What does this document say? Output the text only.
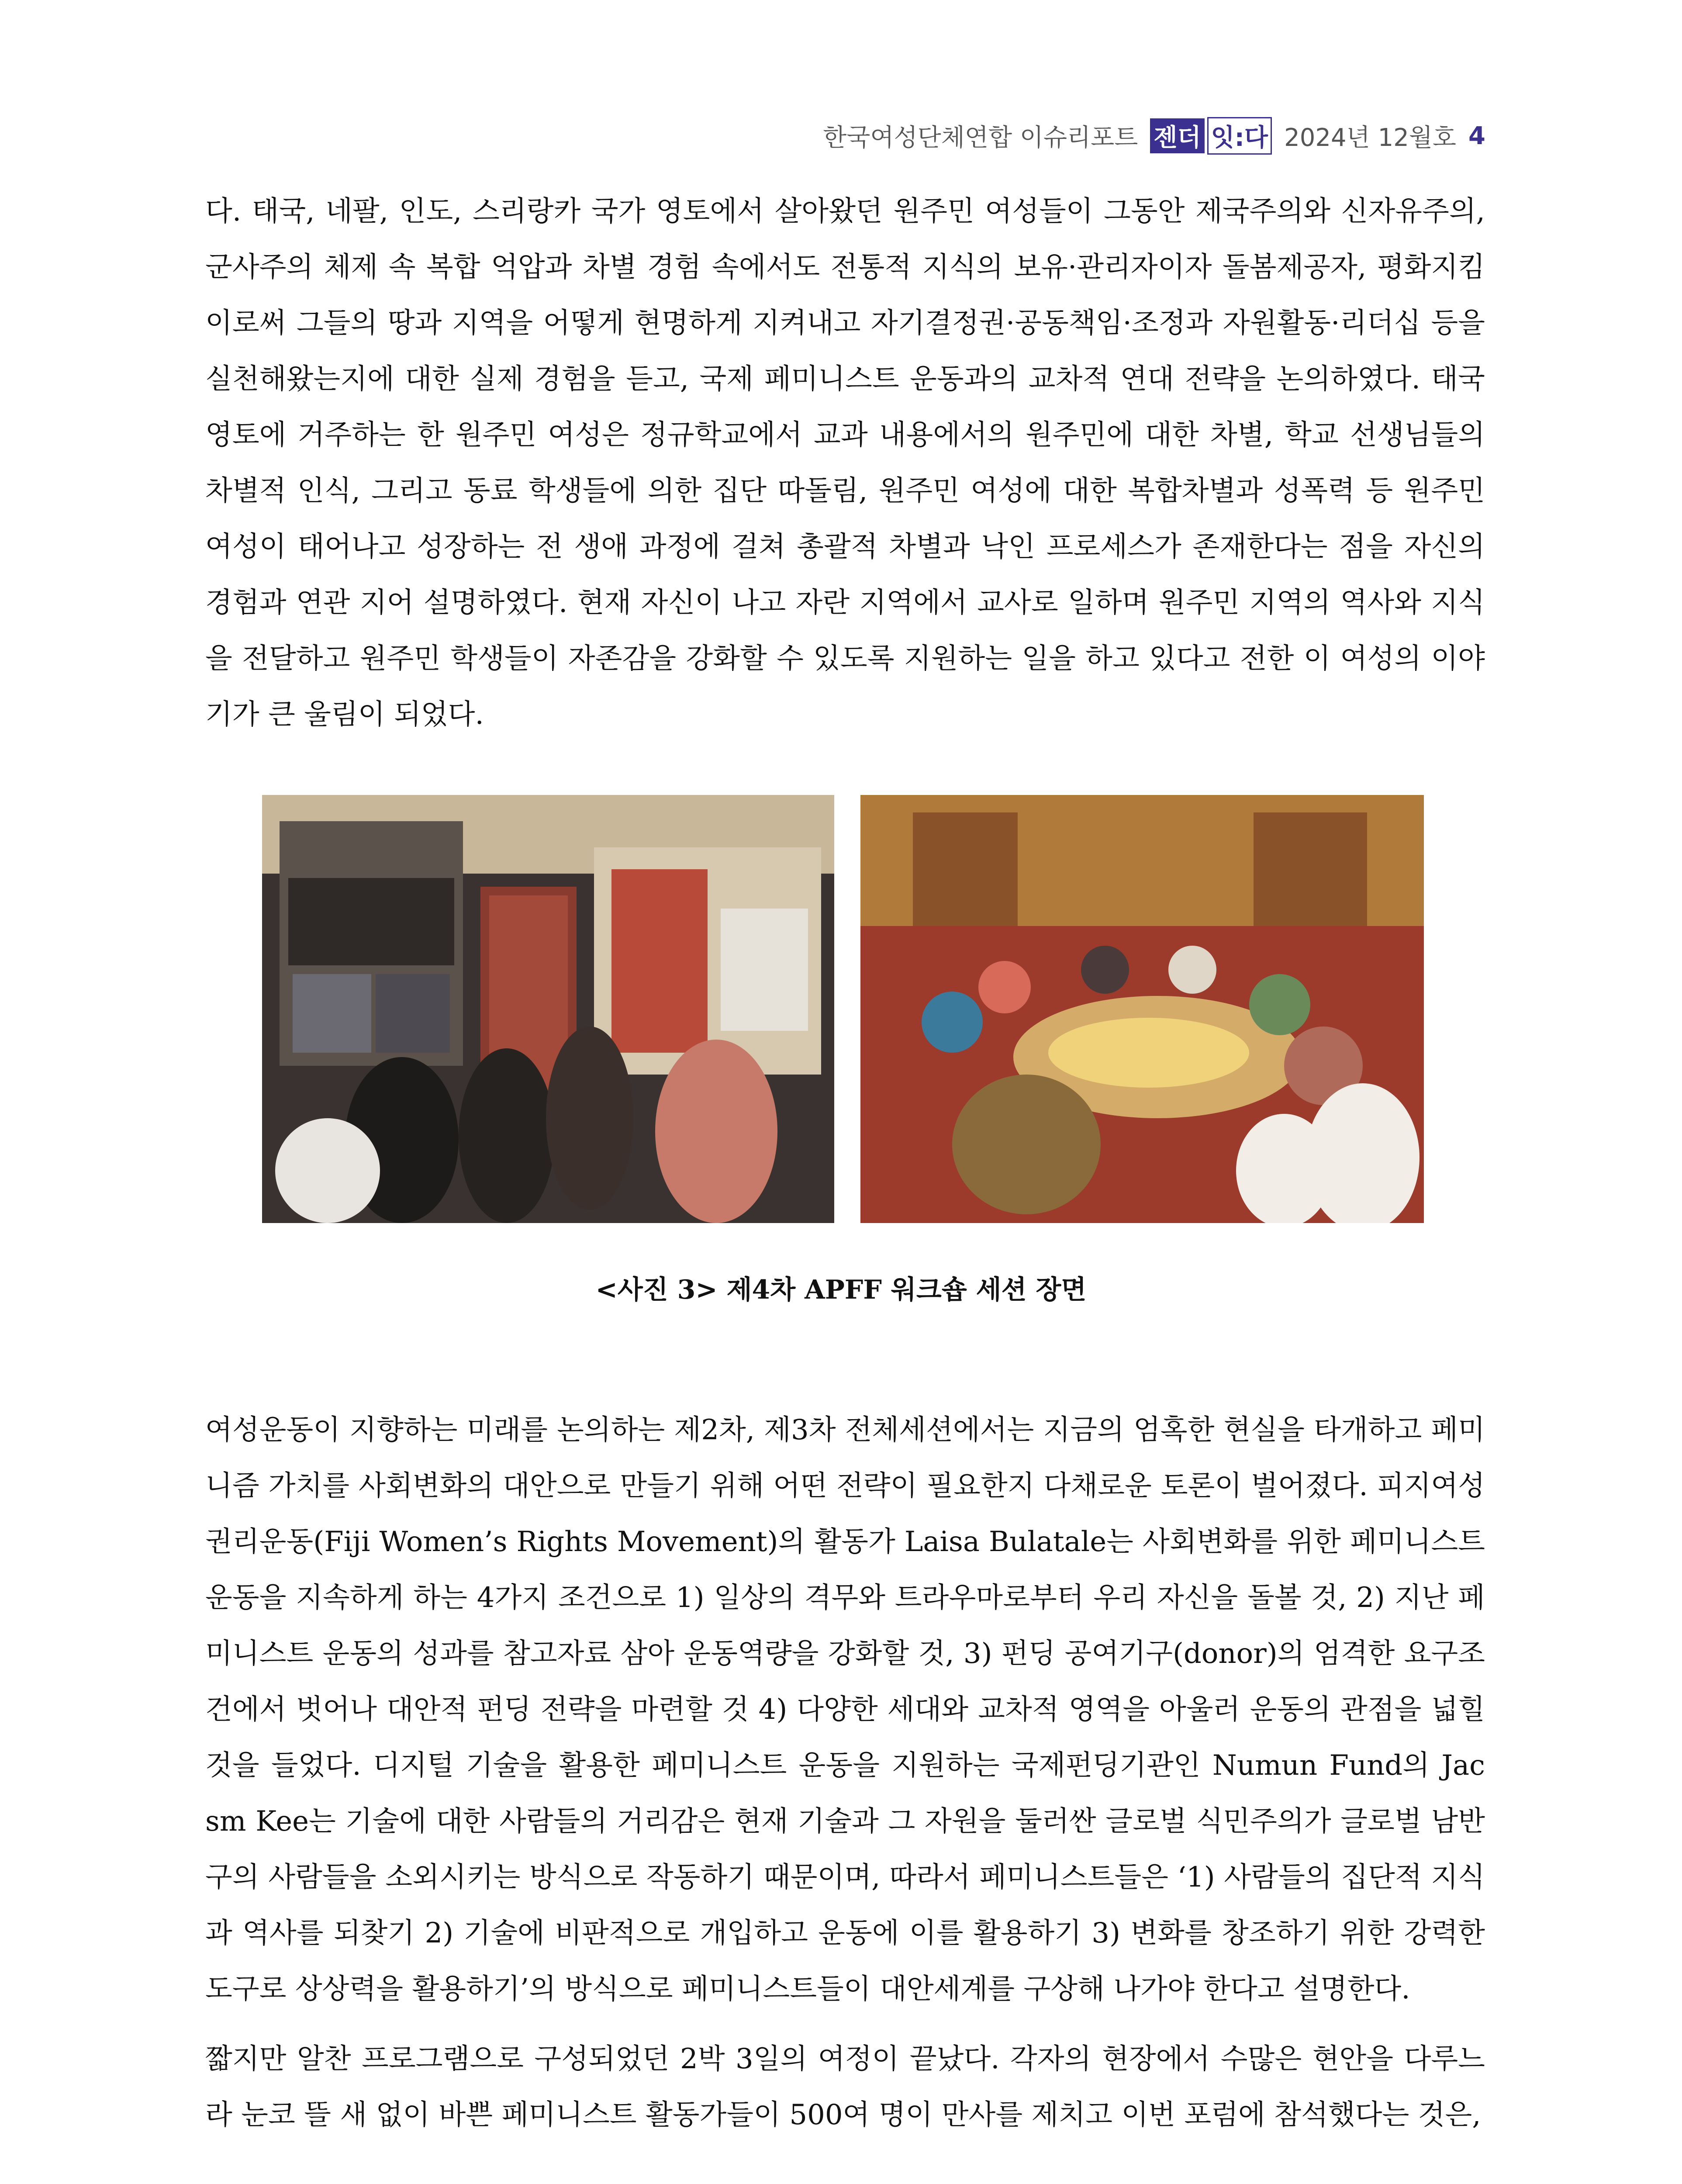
한국여성단체연합 이슈리포트 젠더 잇:다 2024년 12월호 4

다. 태국, 네팔, 인도, 스리랑카 국가 영토에서 살아왔던 원주민 여성들이 그동안 제국주의와 신자유주의, 군사주의 체제 속 복합 억압과 차별 경험 속에서도 전통적 지식의 보유·관리자이자 돌봄제공자, 평화지킴이로써 그들의 땅과 지역을 어떻게 현명하게 지켜내고 자기결정권·공동책임·조정과 자원활동·리더십 등을 실천해왔는지에 대한 실제 경험을 듣고, 국제 페미니스트 운동과의 교차적 연대 전략을 논의하였다. 태국 영토에 거주하는 한 원주민 여성은 정규학교에서 교과 내용에서의 원주민에 대한 차별, 학교 선생님들의 차별적 인식, 그리고 동료 학생들에 의한 집단 따돌림, 원주민 여성에 대한 복합차별과 성폭력 등 원주민 여성이 태어나고 성장하는 전 생애 과정에 걸쳐 총괄적 차별과 낙인 프로세스가 존재한다는 점을 자신의 경험과 연관 지어 설명하였다. 현재 자신이 나고 자란 지역에서 교사로 일하며 원주민 지역의 역사와 지식을 전달하고 원주민 학생들이 자존감을 강화할 수 있도록 지원하는 일을 하고 있다고 전한 이 여성의 이야기가 큰 울림이 되었다.

<사진 3> 제4차 APFF 워크숍 세션 장면

여성운동이 지향하는 미래를 논의하는 제2차, 제3차 전체세션에서는 지금의 엄혹한 현실을 타개하고 페미니즘 가치를 사회변화의 대안으로 만들기 위해 어떤 전략이 필요한지 다채로운 토론이 벌어졌다. 피지여성권리운동(Fiji Women’s Rights Movement)의 활동가 Laisa Bulatale는 사회변화를 위한 페미니스트 운동을 지속하게 하는 4가지 조건으로 1) 일상의 격무와 트라우마로부터 우리 자신을 돌볼 것, 2) 지난 페미니스트 운동의 성과를 참고자료 삼아 운동역량을 강화할 것, 3) 펀딩 공여기구(donor)의 엄격한 요구조건에서 벗어나 대안적 펀딩 전략을 마련할 것 4) 다양한 세대와 교차적 영역을 아울러 운동의 관점을 넓힐 것을 들었다. 디지털 기술을 활용한 페미니스트 운동을 지원하는 국제펀딩기관인 Numun Fund의 Jac sm Kee는 기술에 대한 사람들의 거리감은 현재 기술과 그 자원을 둘러싼 글로벌 식민주의가 글로벌 남반구의 사람들을 소외시키는 방식으로 작동하기 때문이며, 따라서 페미니스트들은 ‘1) 사람들의 집단적 지식과 역사를 되찾기 2) 기술에 비판적으로 개입하고 운동에 이를 활용하기 3) 변화를 창조하기 위한 강력한 도구로 상상력을 활용하기’의 방식으로 페미니스트들이 대안세계를 구상해 나가야 한다고 설명한다.

짧지만 알찬 프로그램으로 구성되었던 2박 3일의 여정이 끝났다. 각자의 현장에서 수많은 현안을 다루느라 눈코 뜰 새 없이 바쁜 페미니스트 활동가들이 500여 명이 만사를 제치고 이번 포럼에 참석했다는 것은,
